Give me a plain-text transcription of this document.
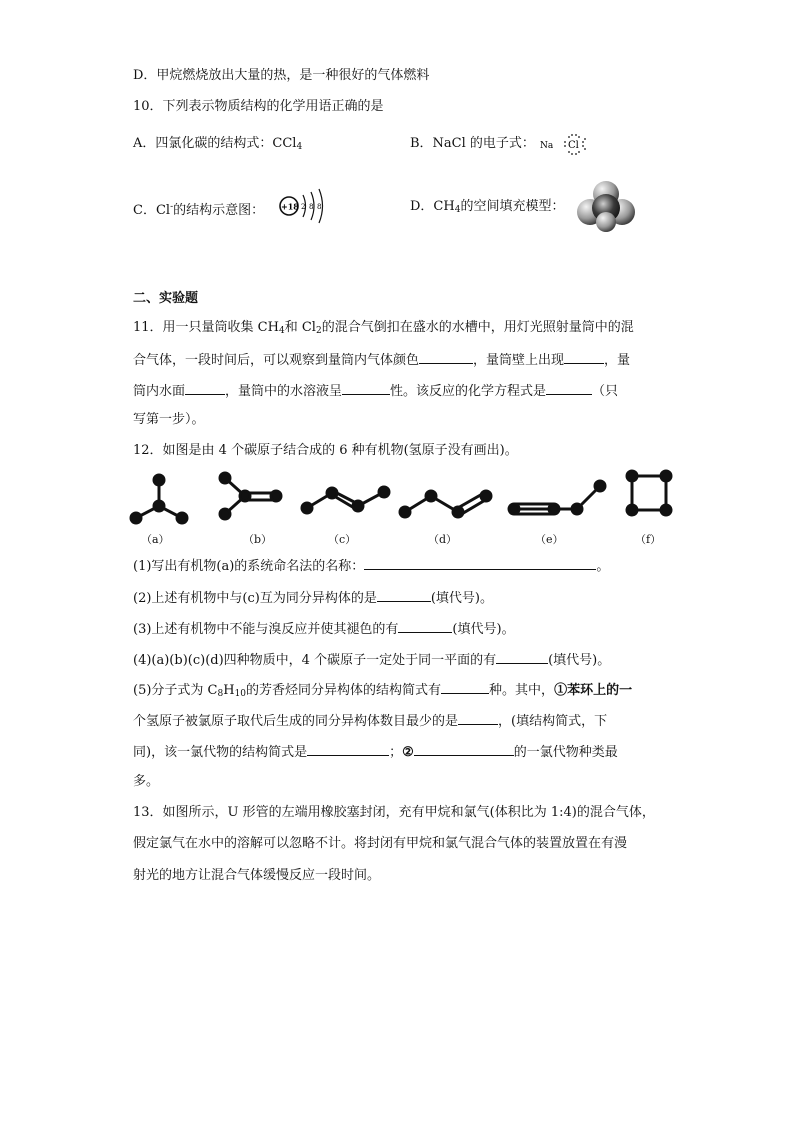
D．甲烷燃烧放出大量的热，是一种很好的气体燃料
10．下列表示物质结构的化学用语正确的是
A．四氯化碳的结构式：CCl$_4$	B．NaCl 的电子式： Na Cl
C．Cl-的结构示意图： +18 2 8 8	D．$CH_4$的空间填充模型：
二、实验题
11．用一只量筒收集 $CH_4$和 $Cl_2$的混合气倒扣在盛水的水槽中，用灯光照射量筒中的混
合气体，一段时间后，可以观察到量筒内气体颜色	，量筒壁上出现	，量
筒内水面	，量筒中的水溶液呈	性。该反应的化学方程式是	（只
写第一步）。
12．如图是由 4 个碳原子结合成的 6 种有机物(氢原子没有画出)。
（a）	（b）	（c）	（d）	（e）	（f）
(1)写出有机物(a)的系统命名法的名称：	。
(2)上述有机物中与(c)互为同分异构体的是	(填代号)。
(3)上述有机物中不能与溴反应并使其褪色的有	(填代号)。
(4)(a)(b)(c)(d)四种物质中，4 个碳原子一定处于同一平面的有	(填代号)。
(5)分子式为 $C_8H_{10}$的芳香烃同分异构体的结构简式有	种。其中，①苯环上的一
个氢原子被氯原子取代后生成的同分异构体数目最少的是	，(填结构简式，下
同)，该一氯代物的结构简式是	；②	的一氯代物种类最
多。
13．如图所示，U 形管的左端用橡胶塞封闭，充有甲烷和氯气(体积比为 1:4)的混合气体，
假定氯气在水中的溶解可以忽略不计。将封闭有甲烷和氯气混合气体的装置放置在有漫
射光的地方让混合气体缓慢反应一段时间。
